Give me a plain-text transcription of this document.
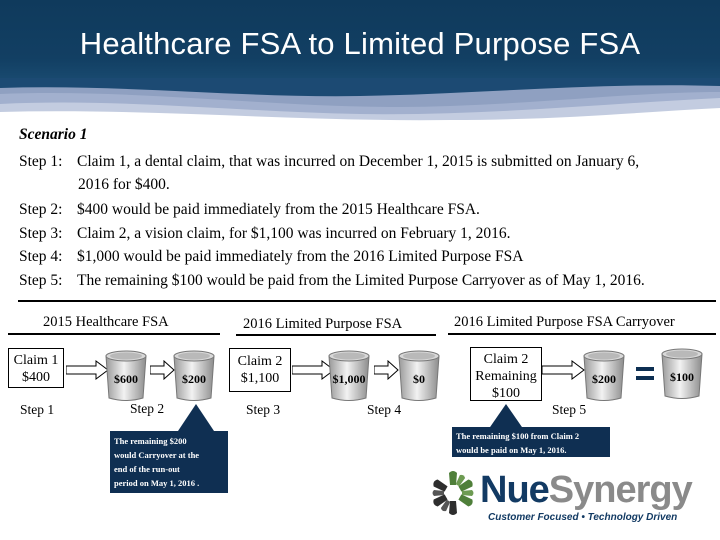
Healthcare FSA to Limited Purpose FSA
Scenario 1
Step 1: Claim 1, a dental claim, that was incurred on December 1, 2015 is submitted on January 6,
2016 for $400.
Step 2: $400 would be paid immediately from the 2015 Healthcare FSA.
Step 3: Claim 2, a vision claim, for $1,100 was incurred on February 1, 2016.
Step 4: $1,000 would be paid immediately from the 2016 Limited Purpose FSA
Step 5: The remaining $100 would be paid from the Limited Purpose Carryover as of May 1, 2016.
2015 Healthcare FSA	2016 Limited Purpose FSA	2016 Limited Purpose FSA Carryover
Claim 1
$400
Step 1
$600	$200
Step 2
The remaining $200
would Carryover at the
end of the run-out
period on May 1, 2016 .
Claim 2
$1,100
Step 3
$1,000	$0
Step 4
Claim 2
Remaining
$100
$200	$100
Step 5
The remaining $100 from Claim 2
would be paid on May 1, 2016.
NueSynergy
Customer Focused • Technology Driven
